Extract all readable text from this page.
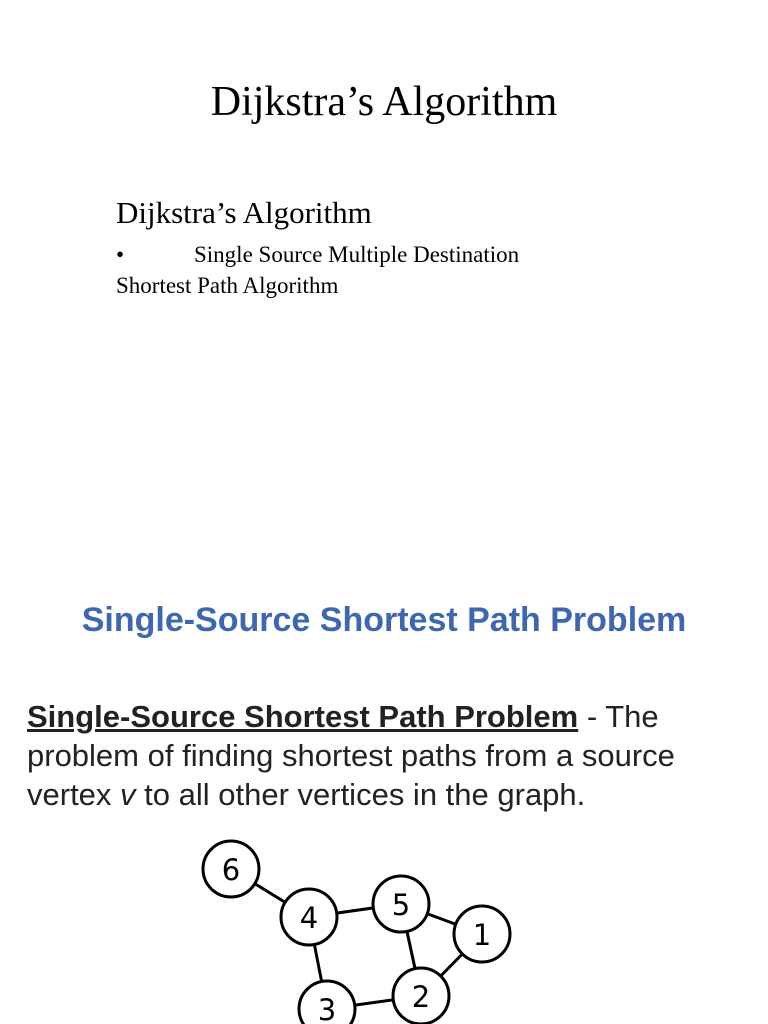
Dijkstra’s Algorithm
Dijkstra’s Algorithm
•	Single Source Multiple Destination
Shortest Path Algorithm
Single-Source Shortest Path Problem
Single-Source Shortest Path Problem - The problem of finding shortest paths from a source vertex v to all other vertices in the graph.
6
4	5
1
2
3
